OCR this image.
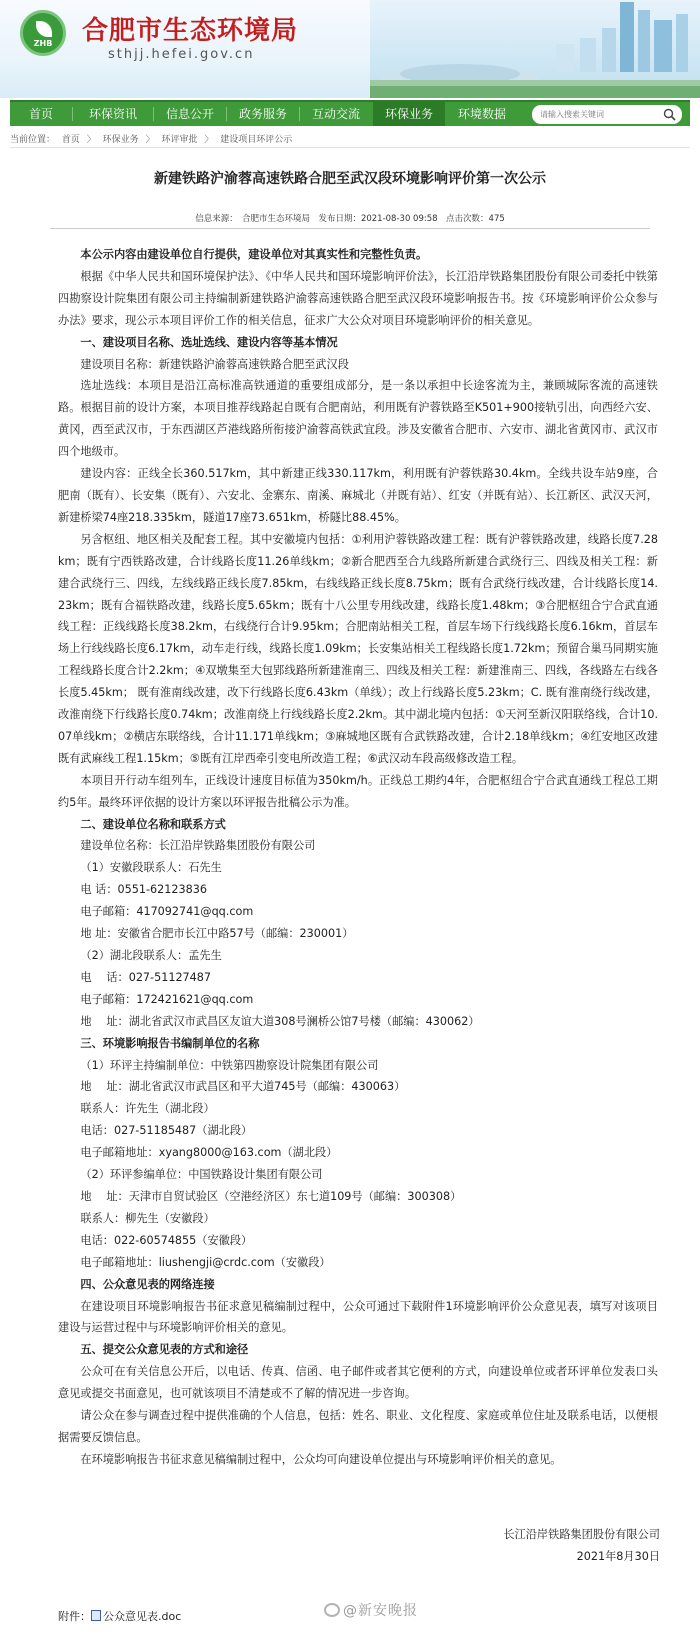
ZHB	合肥市生态环境局
sthjj.hefei.gov.cn
首页	环保资讯	信息公开	政务服务	互动交流	环保业务	环境数据
请输入搜索关键词
当前位置： 首页 〉 环保业务 〉 环评审批 〉 建设项目环评公示
新建铁路沪渝蓉高速铁路合肥至武汉段环境影响评价第一次公示
信息来源：　合肥市生态环境局　发布日期：2021-08-30 09:58　点击次数：475

本公示内容由建设单位自行提供，建设单位对其真实性和完整性负责。

根据《中华人民共和国环境保护法》、《中华人民共和国环境影响评价法》，长江沿岸铁路集团股份有限公司委托中铁第四勘察设计院集团有限公司主持编制新建铁路沪渝蓉高速铁路合肥至武汉段环境影响报告书。按《环境影响评价公众参与办法》要求，现公示本项目评价工作的相关信息，征求广大公众对项目环境影响评价的相关意见。

一、建设项目名称、选址选线、建设内容等基本情况

建设项目名称：新建铁路沪渝蓉高速铁路合肥至武汉段

选址选线：本项目是沿江高标准高铁通道的重要组成部分，是一条以承担中长途客流为主，兼顾城际客流的高速铁路。根据目前的设计方案，本项目推荐线路起自既有合肥南站，利用既有沪蓉铁路至K501+900接轨引出，向西经六安、黄冈，西至武汉市，于东西湖区芦港线路所衔接沪渝蓉高铁武宜段。涉及安徽省合肥市、六安市、湖北省黄冈市、武汉市四个地级市。

建设内容：正线全长360.517km，其中新建正线330.117km，利用既有沪蓉铁路30.4km。全线共设车站9座，合肥南（既有）、长安集（既有）、六安北、金寨东、南溪、麻城北（并既有站）、红安（并既有站）、长江新区、武汉天河，新建桥梁74座218.335km，隧道17座73.651km，桥隧比88.45%。

另含枢纽、地区相关及配套工程。其中安徽境内包括：①利用沪蓉铁路改建工程：既有沪蓉铁路改建，线路长度7.28km；既有宁西铁路改建，合计线路长度11.26单线km；②新合肥西至合九线路所新建合武绕行三、四线及相关工程：新建合武绕行三、四线，左线线路正线长度7.85km，右线线路正线长度8.75km；既有合武绕行线改建，合计线路长度14.23km；既有合福铁路改建，线路长度5.65km；既有十八公里专用线改建，线路长度1.48km；③合肥枢纽合宁合武直通线工程：正线线路长度38.2km，右线绕行合计9.95km；合肥南站相关工程，首层车场下行线线路长度6.16km，首层车场上行线线路长度6.17km，动车走行线，线路长度1.09km；长安集站相关工程线路长度1.72km；预留合巢马同期实施工程线路长度合计2.2km；④双墩集至大包郢线路所新建淮南三、四线及相关工程：新建淮南三、四线，各线路左右线各长度5.45km； 既有淮南线改建，改下行线路长度6.43km（单线）；改上行线路长度5.23km；C. 既有淮南绕行线改建，改淮南绕下行线路长度0.74km；改淮南绕上行线线路长度2.2km。其中湖北境内包括：①天河至新汉阳联络线，合计10.07单线km；②横店东联络线，合计11.171单线km；③麻城地区既有合武铁路改建，合计2.18单线km；④红安地区改建既有武麻线工程1.15km；⑤既有江岸西牵引变电所改造工程；⑥武汉动车段高级修改造工程。

本项目开行动车组列车，正线设计速度目标值为350km/h。正线总工期约4年，合肥枢纽合宁合武直通线工程总工期约5年。最终环评依据的设计方案以环评报告批稿公示为准。

二、建设单位名称和联系方式

建设单位名称：长江沿岸铁路集团股份有限公司

（1）安徽段联系人：石先生

电 话：0551-62123836

电子邮箱：417092741@qq.com

地 址：安徽省合肥市长江中路57号（邮编：230001）

（2）湖北段联系人：孟先生

电　 话：027-51127487

电子邮箱：172421621@qq.com

地　 址：湖北省武汉市武昌区友谊大道308号澜桥公馆7号楼（邮编：430062）

三、环境影响报告书编制单位的名称

（1）环评主持编制单位：中铁第四勘察设计院集团有限公司

地　 址：湖北省武汉市武昌区和平大道745号（邮编：430063）

联系人：许先生（湖北段）

电话：027-51185487（湖北段）

电子邮箱地址：xyang8000@163.com（湖北段）

（2）环评参编单位：中国铁路设计集团有限公司

地　 址：天津市自贸试验区（空港经济区）东七道109号（邮编：300308）

联系人：柳先生（安徽段）

电话：022-60574855（安徽段）

电子邮箱地址：liushengji@crdc.com（安徽段）

四、公众意见表的网络连接

在建设项目环境影响报告书征求意见稿编制过程中，公众可通过下载附件1环境影响评价公众意见表，填写对该项目建设与运营过程中与环境影响评价相关的意见。

五、提交公众意见表的方式和途径

公众可在有关信息公开后，以电话、传真、信函、电子邮件或者其它便利的方式，向建设单位或者环评单位发表口头意见或提交书面意见，也可就该项目不清楚或不了解的情况进一步咨询。

请公众在参与调查过程中提供准确的个人信息，包括：姓名、职业、文化程度、家庭或单位住址及联系电话，以便根据需要反馈信息。

在环境影响报告书征求意见稿编制过程中，公众均可向建设单位提出与环境影响评价相关的意见。

长江沿岸铁路集团股份有限公司
2021年8月30日
附件： 公众意见表.doc	@新安晚报
